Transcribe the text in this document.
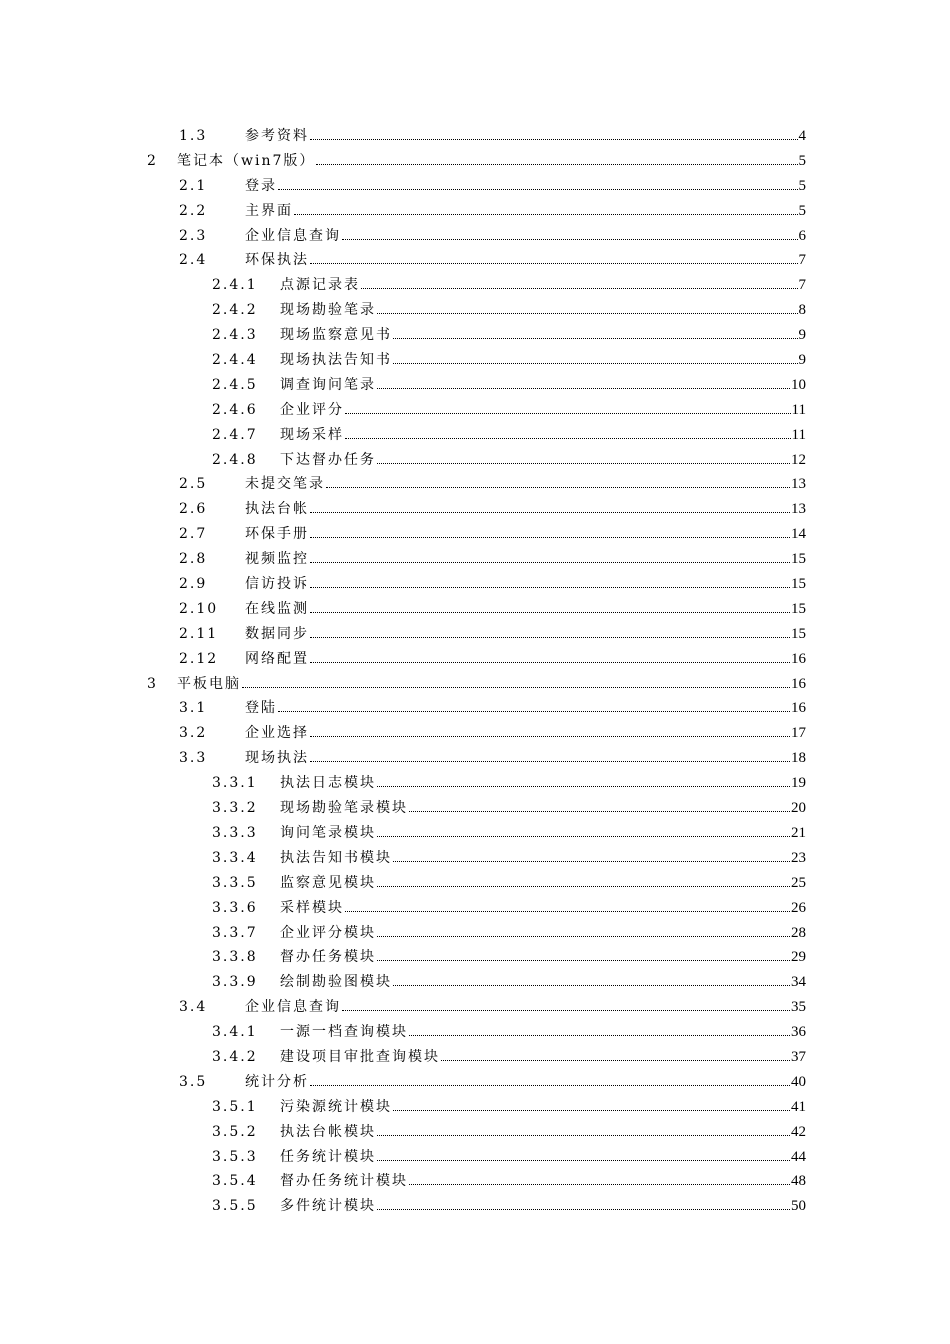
1.3	参考资料	4
2 笔记本（win7版）	5
2.1	登录	5
2.2	主界面	5
2.3	企业信息查询	6
2.4	环保执法	7
2.4.1 点源记录表	7
2.4.2 现场勘验笔录	8
2.4.3 现场监察意见书	9
2.4.4 现场执法告知书	9
2.4.5 调查询问笔录	10
2.4.6 企业评分	11
2.4.7 现场采样	11
2.4.8 下达督办任务	12
2.5	未提交笔录	13
2.6	执法台帐	13
2.7	环保手册	14
2.8	视频监控	15
2.9	信访投诉	15
2.10 在线监测	15
2.11 数据同步	15
2.12 网络配置	16
3 平板电脑	16
3.1	登陆	16
3.2	企业选择	17
3.3	现场执法	18
3.3.1 执法日志模块	19
3.3.2 现场勘验笔录模块	20
3.3.3 询问笔录模块	21
3.3.4 执法告知书模块	23
3.3.5 监察意见模块	25
3.3.6 采样模块	26
3.3.7 企业评分模块	28
3.3.8 督办任务模块	29
3.3.9 绘制勘验图模块	34
3.4	企业信息查询	35
3.4.1 一源一档查询模块	36
3.4.2 建设项目审批查询模块	37
3.5	统计分析	40
3.5.1 污染源统计模块	41
3.5.2 执法台帐模块	42
3.5.3 任务统计模块	44
3.5.4 督办任务统计模块	48
3.5.5 多件统计模块	50
